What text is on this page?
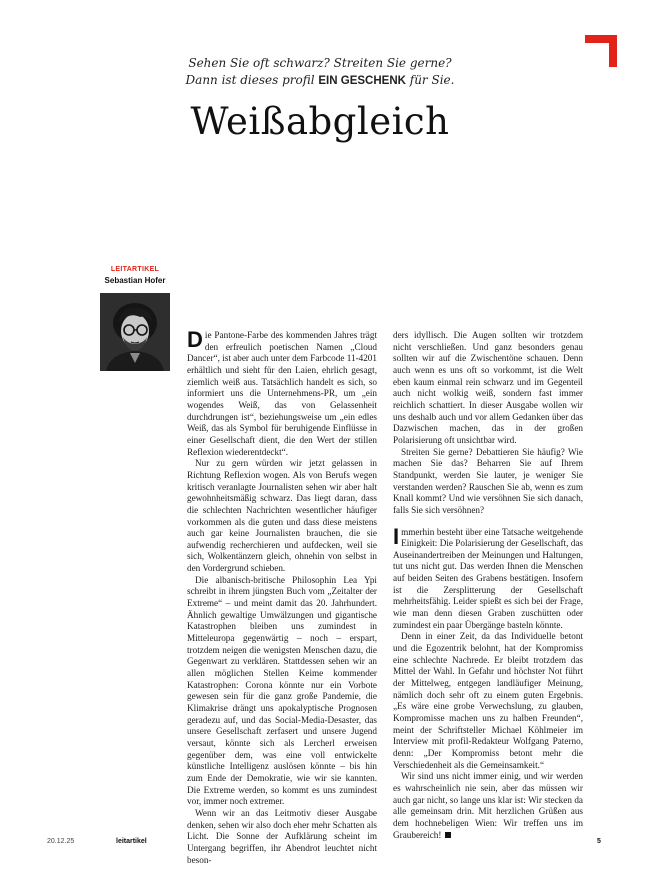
Sehen Sie oft schwarz? Streiten Sie gerne?
Dann ist dieses profil EIN GESCHENK für Sie.
Weißabgleich
LEITARTIKEL
Sebastian Hofer

Die Pantone-Farbe des kommenden Jahres trägt den erfreulich poetischen Namen „Cloud Dancer“, ist aber auch unter dem Farbcode 11-4201 erhältlich und sieht für den Laien, ehrlich gesagt, ziemlich weiß aus. Tatsächlich handelt es sich, so informiert uns die Unternehmens-PR, um „ein wogendes Weiß, das von Gelassenheit durchdrungen ist“, beziehungsweise um „ein edles Weiß, das als Symbol für beruhigende Einflüsse in einer Gesellschaft dient, die den Wert der stillen Reflexion wiederentdeckt“.

Nur zu gern würden wir jetzt gelassen in Richtung Reflexion wogen. Als von Berufs wegen kritisch veranlagte Journalisten sehen wir aber halt gewohnheitsmäßig schwarz. Das liegt daran, dass die schlechten Nachrichten wesentlicher häufiger vorkommen als die guten und dass diese meistens auch gar keine Journalisten brauchen, die sie aufwendig recherchieren und aufdecken, weil sie sich, Wolkentänzern gleich, ohnehin von selbst in den Vordergrund schieben.

Die albanisch-britische Philosophin Lea Ypi schreibt in ihrem jüngsten Buch vom „Zeitalter der Extreme“ – und meint damit das 20. Jahrhundert. Ähnlich gewaltige Umwälzungen und gigantische Katastrophen bleiben uns zumindest in Mitteleuropa gegenwärtig – noch – erspart, trotzdem neigen die wenigsten Menschen dazu, die Gegenwart zu verklären. Stattdessen sehen wir an allen möglichen Stellen Keime kommender Katastrophen: Corona könnte nur ein Vorbote gewesen sein für die ganz große Pandemie, die Klimakrise drängt uns apokalyptische Prognosen geradezu auf, und das Social-Media-Desaster, das unsere Gesellschaft zerfasert und unsere Jugend versaut, könnte sich als Lercherl erweisen gegenüber dem, was eine voll entwickelte künstliche Intelligenz auslösen könnte – bis hin zum Ende der Demokratie, wie wir sie kannten. Die Extreme werden, so kommt es uns zumindest vor, immer noch extremer.

Wenn wir an das Leitmotiv dieser Ausgabe denken, sehen wir also doch eher mehr Schatten als Licht. Die Sonne der Aufklärung scheint im Untergang begriffen, ihr Abendrot leuchtet nicht beson-

ders idyllisch. Die Augen sollten wir trotzdem nicht verschließen. Und ganz besonders genau sollten wir auf die Zwischentöne schauen. Denn auch wenn es uns oft so vorkommt, ist die Welt eben kaum einmal rein schwarz und im Gegenteil auch nicht wolkig weiß, sondern fast immer reichlich schattiert. In dieser Ausgabe wollen wir uns deshalb auch und vor allem Gedanken über das Dazwischen machen, das in der großen Polarisierung oft unsichtbar wird.

Streiten Sie gerne? Debattieren Sie häufig? Wie machen Sie das? Beharren Sie auf Ihrem Standpunkt, werden Sie lauter, je weniger Sie verstanden werden? Rauschen Sie ab, wenn es zum Knall kommt? Und wie versöhnen Sie sich danach, falls Sie sich versöhnen?

Immerhin besteht über eine Tatsache weitgehende Einigkeit: Die Polarisierung der Gesellschaft, das Auseinandertreiben der Meinungen und Haltungen, tut uns nicht gut. Das werden Ihnen die Menschen auf beiden Seiten des Grabens bestätigen. Insofern ist die Zersplitterung der Gesellschaft mehrheitsfähig. Leider spießt es sich bei der Frage, wie man denn diesen Graben zuschütten oder zumindest ein paar Übergänge basteln könnte.

Denn in einer Zeit, da das Individuelle betont und die Egozentrik belohnt, hat der Kompromiss eine schlechte Nachrede. Er bleibt trotzdem das Mittel der Wahl. In Gefahr und höchster Not führt der Mittelweg, entgegen landläufiger Meinung, nämlich doch sehr oft zu einem guten Ergebnis. „Es wäre eine grobe Verwechslung, zu glauben, Kompromisse machen uns zu halben Freunden“, meint der Schriftsteller Michael Köhlmeier im Interview mit profil-Redakteur Wolfgang Paterno, denn: „Der Kompromiss betont mehr die Verschiedenheit als die Gemeinsamkeit.“

Wir sind uns nicht immer einig, und wir werden es wahrscheinlich nie sein, aber das müssen wir auch gar nicht, so lange uns klar ist: Wir stecken da alle gemeinsam drin. Mit herzlichen Grüßen aus dem hochnebeligen Wien: Wir treffen uns im Graubereich!

20.12.25	leitartikel	5
